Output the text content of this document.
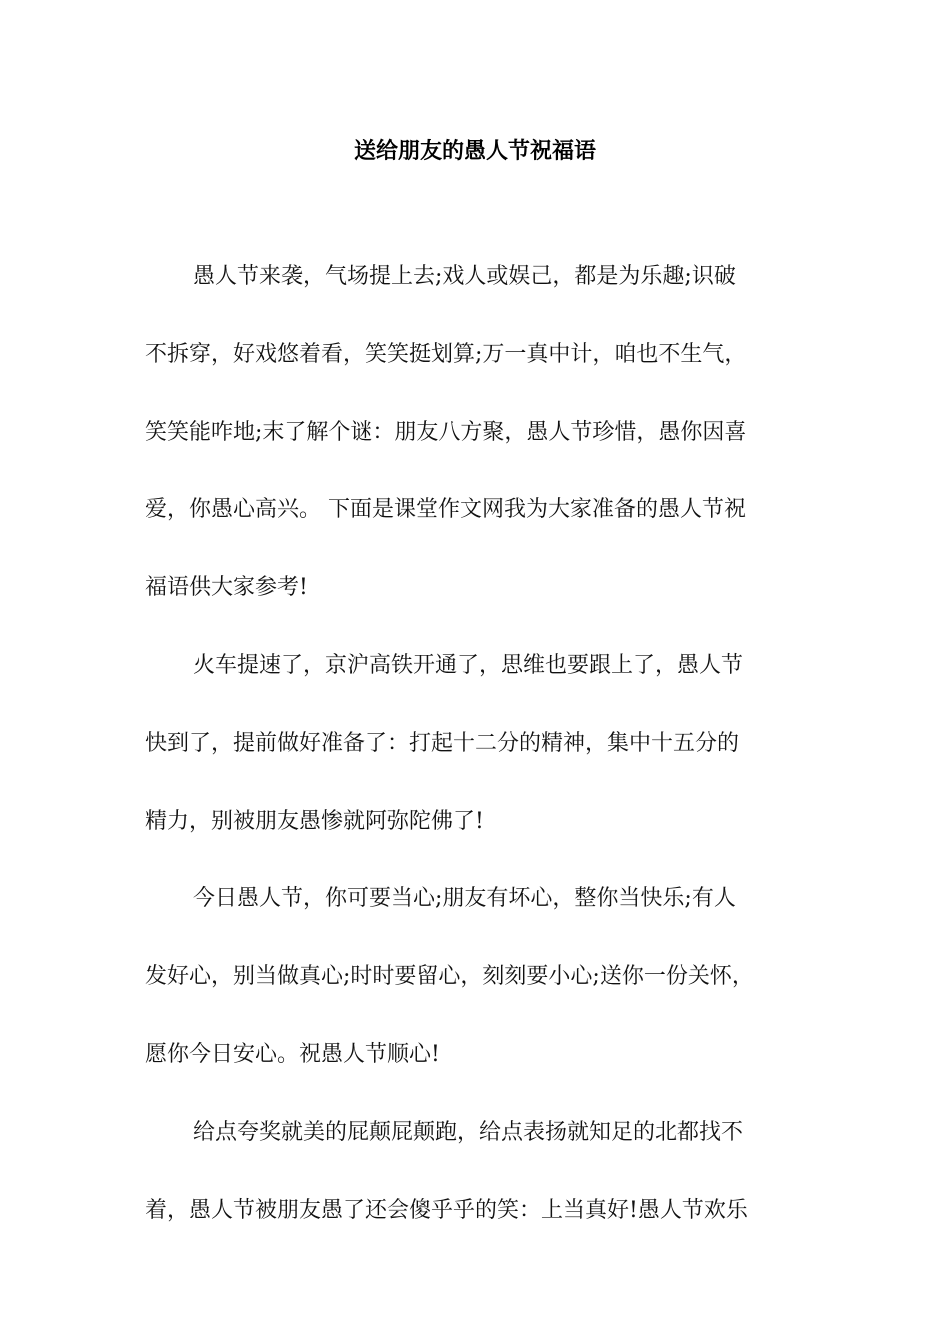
送给朋友的愚人节祝福语
愚人节来袭，气场提上去;戏人或娱己，都是为乐趣;识破
不拆穿，好戏悠着看，笑笑挺划算;万一真中计，咱也不生气，
笑笑能咋地;末了解个谜：朋友八方聚，愚人节珍惜，愚你因喜
爱，你愚心高兴。 下面是课堂作文网我为大家准备的愚人节祝
福语供大家参考!
火车提速了，京沪高铁开通了，思维也要跟上了，愚人节
快到了，提前做好准备了：打起十二分的精神，集中十五分的
精力，别被朋友愚惨就阿弥陀佛了!
今日愚人节，你可要当心;朋友有坏心，整你当快乐;有人
发好心，别当做真心;时时要留心，刻刻要小心;送你一份关怀，
愿你今日安心。祝愚人节顺心!
给点夸奖就美的屁颠屁颠跑，给点表扬就知足的北都找不
着，愚人节被朋友愚了还会傻乎乎的笑：上当真好!愚人节欢乐
